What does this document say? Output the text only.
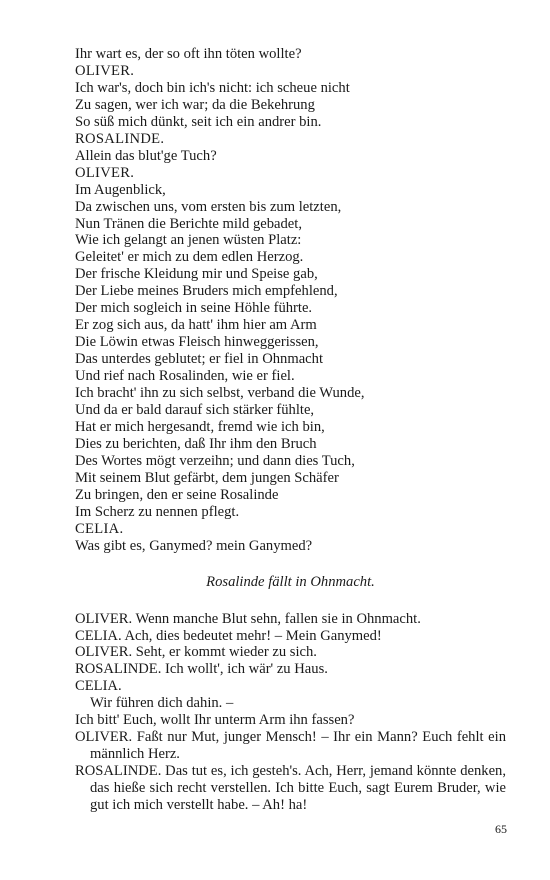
Ihr wart es, der so oft ihn töten wollte?
OLIVER.
Ich war's, doch bin ich's nicht: ich scheue nicht
Zu sagen, wer ich war; da die Bekehrung
So süß mich dünkt, seit ich ein andrer bin.
ROSALINDE.
Allein das blut'ge Tuch?
OLIVER.
Im Augenblick,
Da zwischen uns, vom ersten bis zum letzten,
Nun Tränen die Berichte mild gebadet,
Wie ich gelangt an jenen wüsten Platz:
Geleitet' er mich zu dem edlen Herzog.
Der frische Kleidung mir und Speise gab,
Der Liebe meines Bruders mich empfehlend,
Der mich sogleich in seine Höhle führte.
Er zog sich aus, da hatt' ihm hier am Arm
Die Löwin etwas Fleisch hinweggerissen,
Das unterdes geblutet; er fiel in Ohnmacht
Und rief nach Rosalinden, wie er fiel.
Ich bracht' ihn zu sich selbst, verband die Wunde,
Und da er bald darauf sich stärker fühlte,
Hat er mich hergesandt, fremd wie ich bin,
Dies zu berichten, daß Ihr ihm den Bruch
Des Wortes mögt verzeihn; und dann dies Tuch,
Mit seinem Blut gefärbt, dem jungen Schäfer
Zu bringen, den er seine Rosalinde
Im Scherz zu nennen pflegt.
CELIA.
Was gibt es, Ganymed? mein Ganymed?
Rosalinde fällt in Ohnmacht.
OLIVER. Wenn manche Blut sehn, fallen sie in Ohnmacht.
CELIA. Ach, dies bedeutet mehr! – Mein Ganymed!
OLIVER. Seht, er kommt wieder zu sich.
ROSALINDE. Ich wollt', ich wär' zu Haus.
CELIA.
Wir führen dich dahin. –
Ich bitt' Euch, wollt Ihr unterm Arm ihn fassen?
OLIVER. Faßt nur Mut, junger Mensch! – Ihr ein Mann? Euch fehlt ein männlich Herz.
ROSALINDE. Das tut es, ich gesteh's. Ach, Herr, jemand könnte denken, das hieße sich recht verstellen. Ich bitte Euch, sagt Eurem Bruder, wie gut ich mich verstellt habe. – Ah! ha!
65
